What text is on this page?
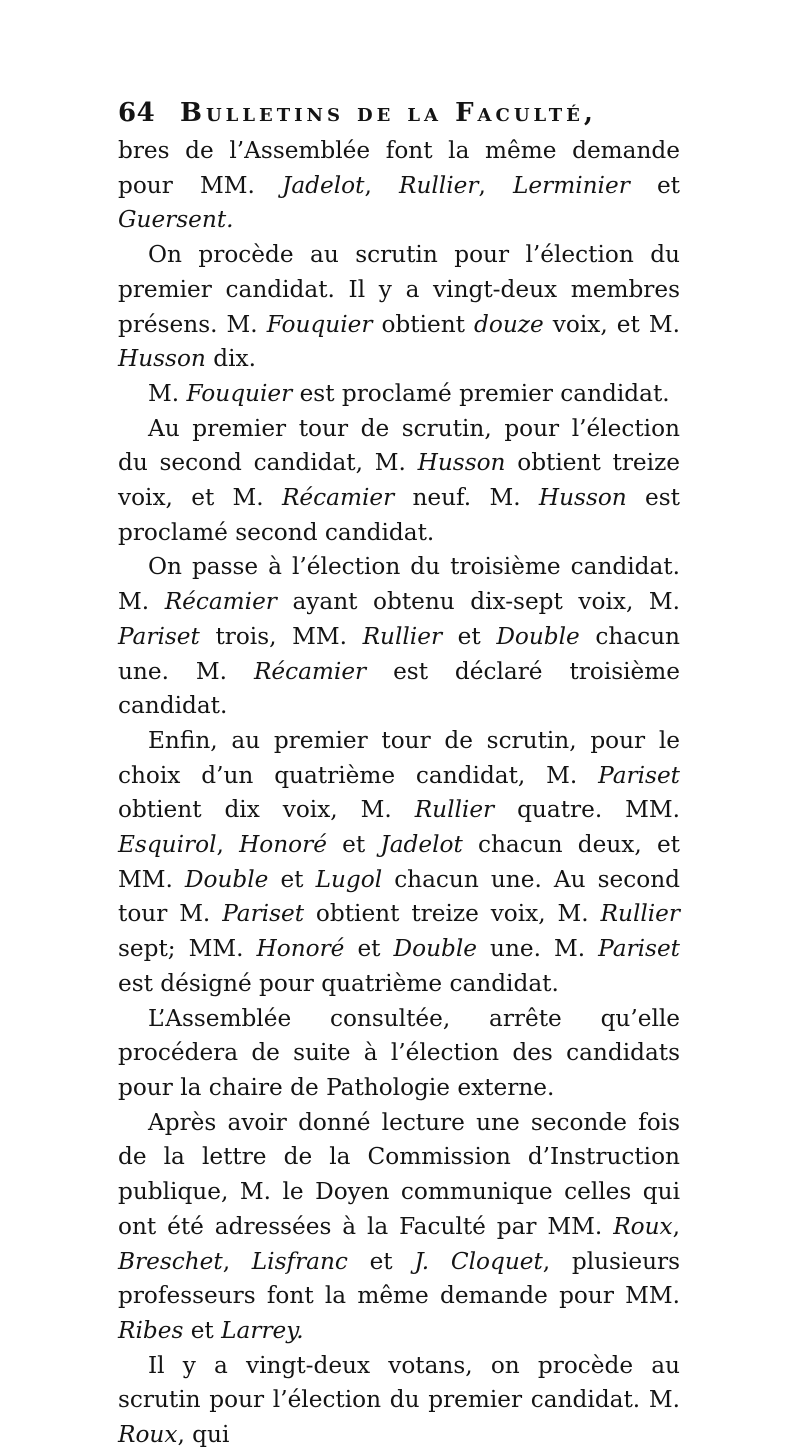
64 Bulletins de la Faculté,

bres de l’Assemblée font la même demande pour MM. Jadelot, Rullier, Lerminier et Guersent.

On procède au scrutin pour l’élection du premier candidat. Il y a vingt-deux membres présens. M. Fouquier obtient douze voix, et M. Husson dix.

M. Fouquier est proclamé premier candidat.

Au premier tour de scrutin, pour l’élection du second candidat, M. Husson obtient treize voix, et M. Récamier neuf. M. Husson est proclamé second candidat.

On passe à l’élection du troisième candidat. M. Récamier ayant obtenu dix-sept voix, M. Pariset trois, MM. Rullier et Double chacun une. M. Récamier est déclaré troisième candidat.

Enfin, au premier tour de scrutin, pour le choix d’un quatrième candidat, M. Pariset obtient dix voix, M. Rullier quatre. MM. Esquirol, Honoré et Jadelot chacun deux, et MM. Double et Lugol chacun une. Au second tour M. Pariset obtient treize voix, M. Rullier sept; MM. Honoré et Double une. M. Pariset est désigné pour quatrième candidat.

L’Assemblée consultée, arrête qu’elle procédera de suite à l’élection des candidats pour la chaire de Pathologie externe.

Après avoir donné lecture une seconde fois de la lettre de la Commission d’Instruction publique, M. le Doyen communique celles qui ont été adressées à la Faculté par MM. Roux, Breschet, Lisfranc et J. Cloquet, plusieurs professeurs font la même demande pour MM. Ribes et Larrey.

Il y a vingt-deux votans, on procède au scrutin pour l’élection du premier candidat. M. Roux, qui
